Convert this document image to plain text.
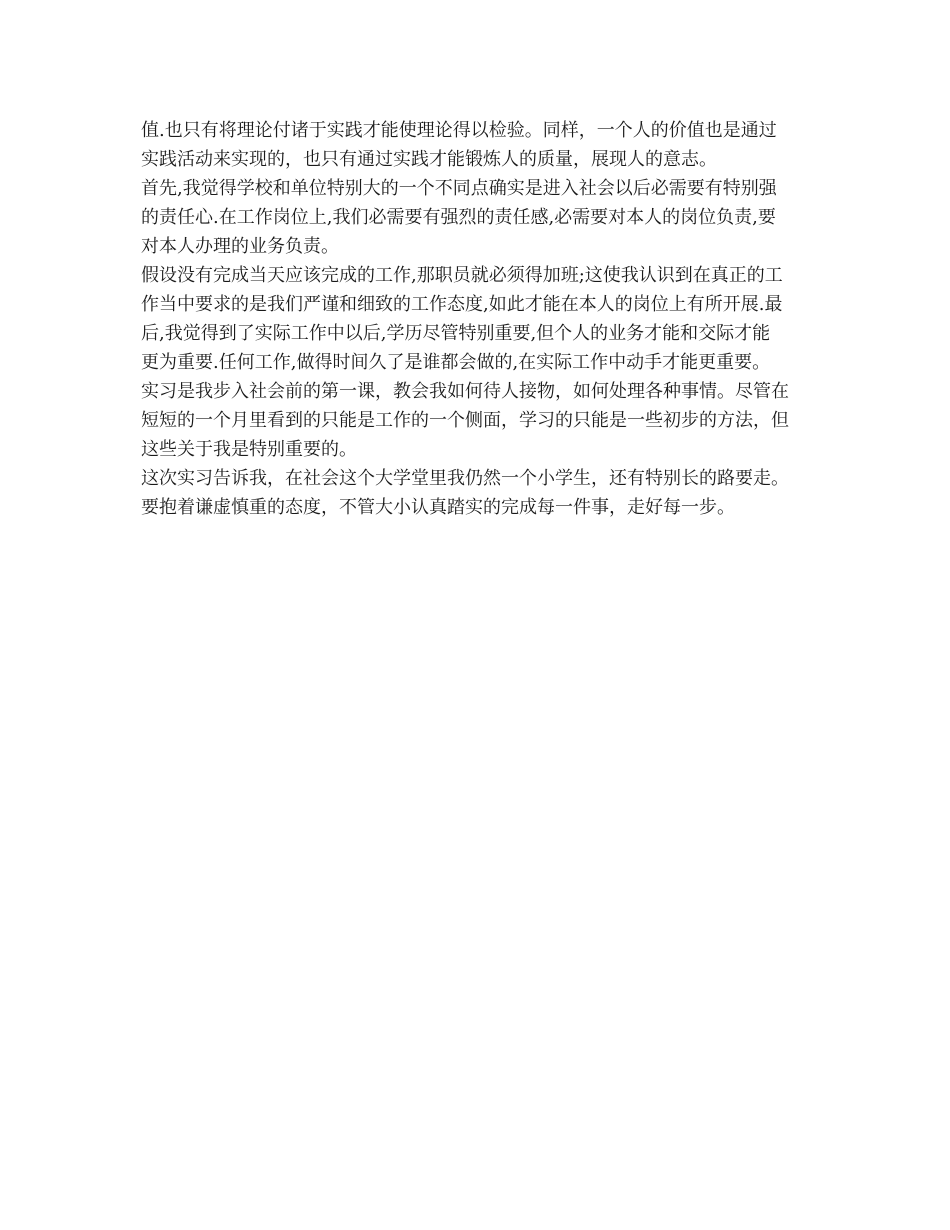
值.也只有将理论付诸于实践才能使理论得以检验。同样，一个人的价值也是通过
实践活动来实现的，也只有通过实践才能锻炼人的质量，展现人的意志。
首先,我觉得学校和单位特别大的一个不同点确实是进入社会以后必需要有特别强
的责任心.在工作岗位上,我们必需要有强烈的责任感,必需要对本人的岗位负责,要
对本人办理的业务负责。
假设没有完成当天应该完成的工作,那职员就必须得加班;这使我认识到在真正的工
作当中要求的是我们严谨和细致的工作态度,如此才能在本人的岗位上有所开展.最
后,我觉得到了实际工作中以后,学历尽管特别重要,但个人的业务才能和交际才能
更为重要.任何工作,做得时间久了是谁都会做的,在实际工作中动手才能更重要。
实习是我步入社会前的第一课，教会我如何待人接物，如何处理各种事情。尽管在
短短的一个月里看到的只能是工作的一个侧面，学习的只能是一些初步的方法，但
这些关于我是特别重要的。
这次实习告诉我，在社会这个大学堂里我仍然一个小学生，还有特别长的路要走。
要抱着谦虚慎重的态度，不管大小认真踏实的完成每一件事，走好每一步。
